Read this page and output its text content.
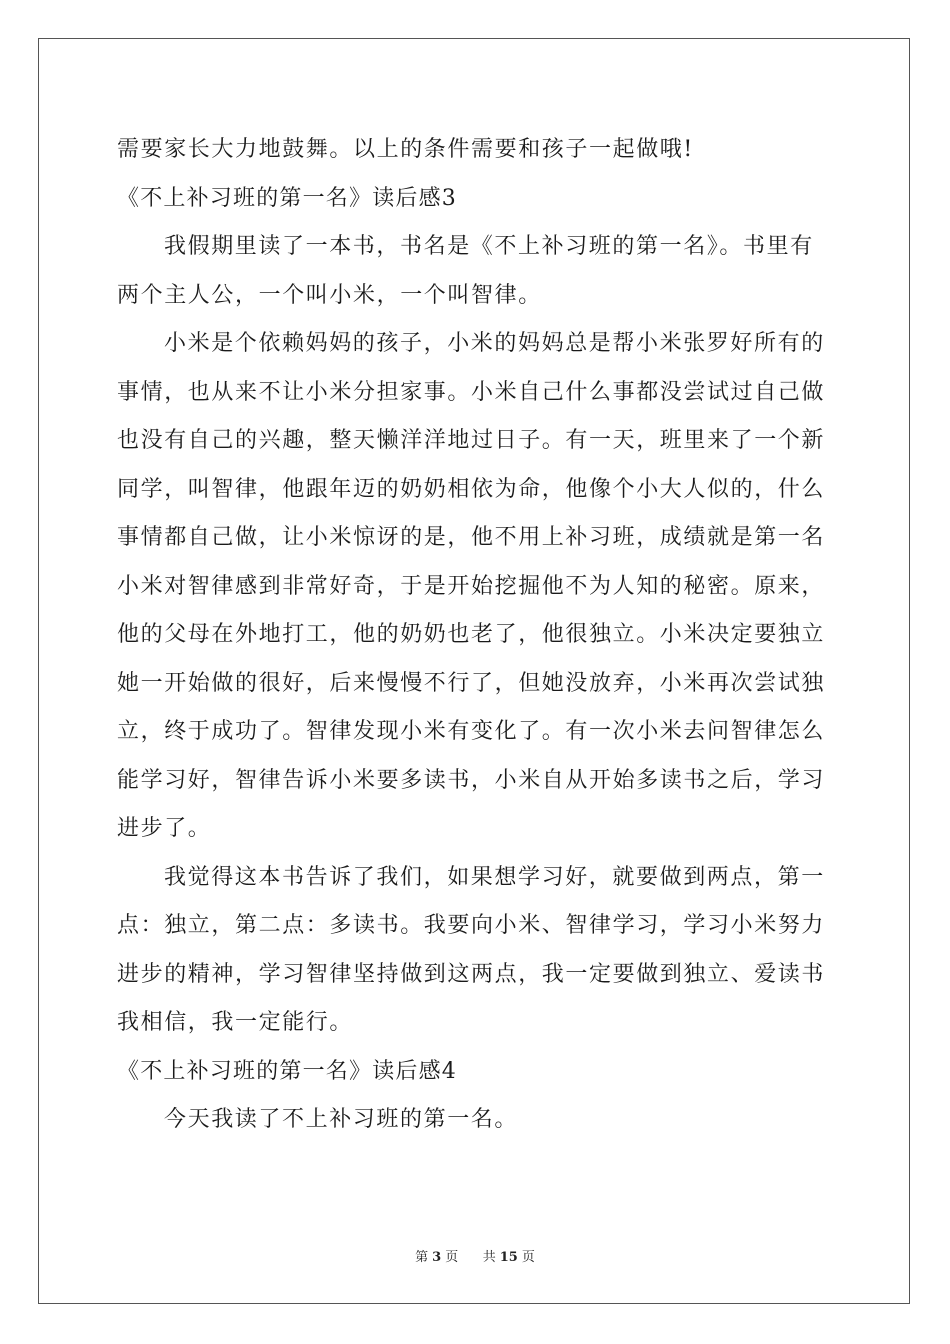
需要家长大力地鼓舞。以上的条件需要和孩子一起做哦!
《不上补习班的第一名》读后感3
我假期里读了一本书，书名是《不上补习班的第一名》。书里有
两个主人公，一个叫小米，一个叫智律。
小米是个依赖妈妈的孩子，小米的妈妈总是帮小米张罗好所有的
事情，也从来不让小米分担家事。小米自己什么事都没尝试过自己做
也没有自己的兴趣，整天懒洋洋地过日子。有一天，班里来了一个新
同学，叫智律，他跟年迈的奶奶相依为命，他像个小大人似的，什么
事情都自己做，让小米惊讶的是，他不用上补习班，成绩就是第一名
小米对智律感到非常好奇，于是开始挖掘他不为人知的秘密。原来，
他的父母在外地打工，他的奶奶也老了，他很独立。小米决定要独立
她一开始做的很好，后来慢慢不行了，但她没放弃，小米再次尝试独
立，终于成功了。智律发现小米有变化了。有一次小米去问智律怎么
能学习好，智律告诉小米要多读书，小米自从开始多读书之后，学习
进步了。
我觉得这本书告诉了我们，如果想学习好，就要做到两点，第一
点：独立，第二点：多读书。我要向小米、智律学习，学习小米努力
进步的精神，学习智律坚持做到这两点，我一定要做到独立、爱读书
我相信，我一定能行。
《不上补习班的第一名》读后感4
今天我读了不上补习班的第一名。
第 3 页 共 15 页
